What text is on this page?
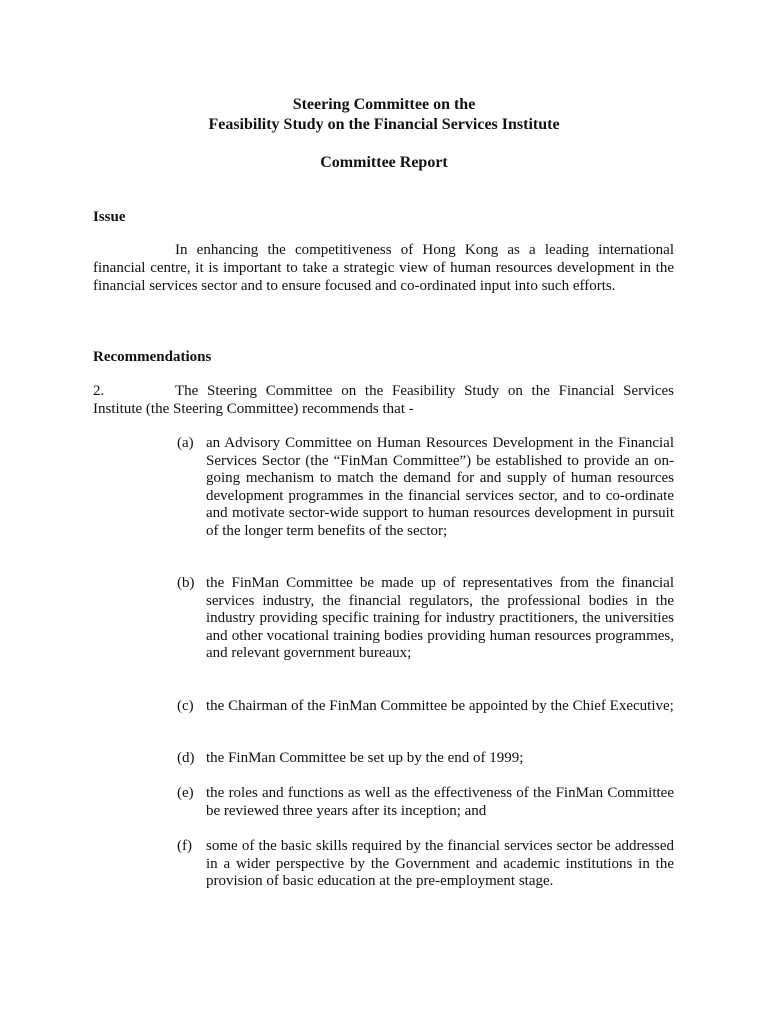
Steering Committee on the
Feasibility Study on the Financial Services Institute
Committee Report
Issue

In enhancing the competitiveness of Hong Kong as a leading international financial centre, it is important to take a strategic view of human resources development in the financial services sector and to ensure focused and co-ordinated input into such efforts.

Recommendations

2.	The Steering Committee on the Feasibility Study on the Financial Services Institute (the Steering Committee) recommends that -

(a) an Advisory Committee on Human Resources Development in the Financial Services Sector (the “FinMan Committee”) be established to provide an on-going mechanism to match the demand for and supply of human resources development programmes in the financial services sector, and to co-ordinate and motivate sector-wide support to human resources development in pursuit of the longer term benefits of the sector;
(b) the FinMan Committee be made up of representatives from the financial services industry, the financial regulators, the professional bodies in the industry providing specific training for industry practitioners, the universities and other vocational training bodies providing human resources programmes, and relevant government bureaux;
(c) the Chairman of the FinMan Committee be appointed by the Chief Executive;
(d) the FinMan Committee be set up by the end of 1999;
(e) the roles and functions as well as the effectiveness of the FinMan Committee be reviewed three years after its inception; and
(f) some of the basic skills required by the financial services sector be addressed in a wider perspective by the Government and academic institutions in the provision of basic education at the pre-employment stage.
